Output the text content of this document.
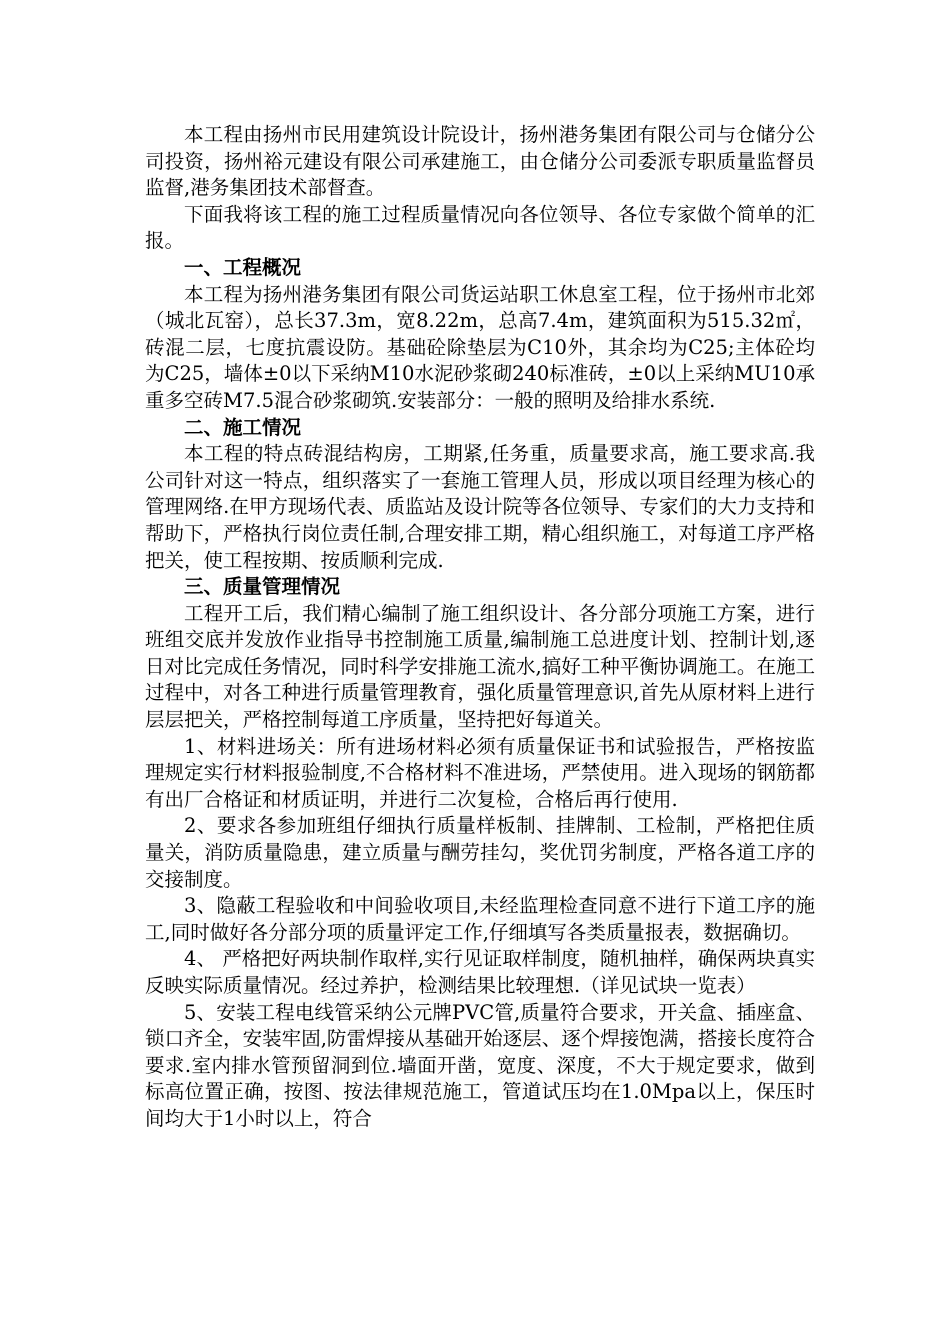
本工程由扬州市民用建筑设计院设计，扬州港务集团有限公司与仓储分公司投资，扬州裕元建设有限公司承建施工，由仓储分公司委派专职质量监督员监督,港务集团技术部督查。

下面我将该工程的施工过程质量情况向各位领导、各位专家做个简单的汇报。

一、工程概况

本工程为扬州港务集团有限公司货运站职工休息室工程，位于扬州市北郊（城北瓦窑），总长37.3m，宽8.22m，总高7.4m，建筑面积为515.32㎡，砖混二层，七度抗震设防。基础砼除垫层为C10外，其余均为C25;主体砼均为C25，墙体±0以下采纳M10水泥砂浆砌240标准砖，±0以上采纳MU10承重多空砖M7.5混合砂浆砌筑.安装部分：一般的照明及给排水系统.

二、施工情况

本工程的特点砖混结构房，工期紧,任务重，质量要求高，施工要求高.我公司针对这一特点，组织落实了一套施工管理人员，形成以项目经理为核心的管理网络.在甲方现场代表、质监站及设计院等各位领导、专家们的大力支持和帮助下，严格执行岗位责任制,合理安排工期，精心组织施工，对每道工序严格把关，使工程按期、按质顺利完成.

三、质量管理情况

工程开工后，我们精心编制了施工组织设计、各分部分项施工方案，进行班组交底并发放作业指导书控制施工质量,编制施工总进度计划、控制计划,逐日对比完成任务情况，同时科学安排施工流水,搞好工种平衡协调施工。在施工过程中，对各工种进行质量管理教育，强化质量管理意识,首先从原材料上进行层层把关，严格控制每道工序质量，坚持把好每道关。

1、材料进场关：所有进场材料必须有质量保证书和试验报告，严格按监理规定实行材料报验制度,不合格材料不准进场，严禁使用。进入现场的钢筋都有出厂合格证和材质证明，并进行二次复检，合格后再行使用.

2、要求各参加班组仔细执行质量样板制、挂牌制、工检制，严格把住质量关，消防质量隐患，建立质量与酬劳挂勾，奖优罚劣制度，严格各道工序的交接制度。

3、隐蔽工程验收和中间验收项目,未经监理检查同意不进行下道工序的施工,同时做好各分部分项的质量评定工作,仔细填写各类质量报表，数据确切。

4、 严格把好两块制作取样,实行见证取样制度，随机抽样，确保两块真实反映实际质量情况。经过养护，检测结果比较理想.（详见试块一览表）

5、安装工程电线管采纳公元牌PVC管,质量符合要求，开关盒、插座盒、锁口齐全，安装牢固,防雷焊接从基础开始逐层、逐个焊接饱满，搭接长度符合要求.室内排水管预留洞到位.墙面开凿，宽度、深度，不大于规定要求，做到标高位置正确，按图、按法律规范施工，管道试压均在1.0Mpa以上，保压时间均大于1小时以上，符合
